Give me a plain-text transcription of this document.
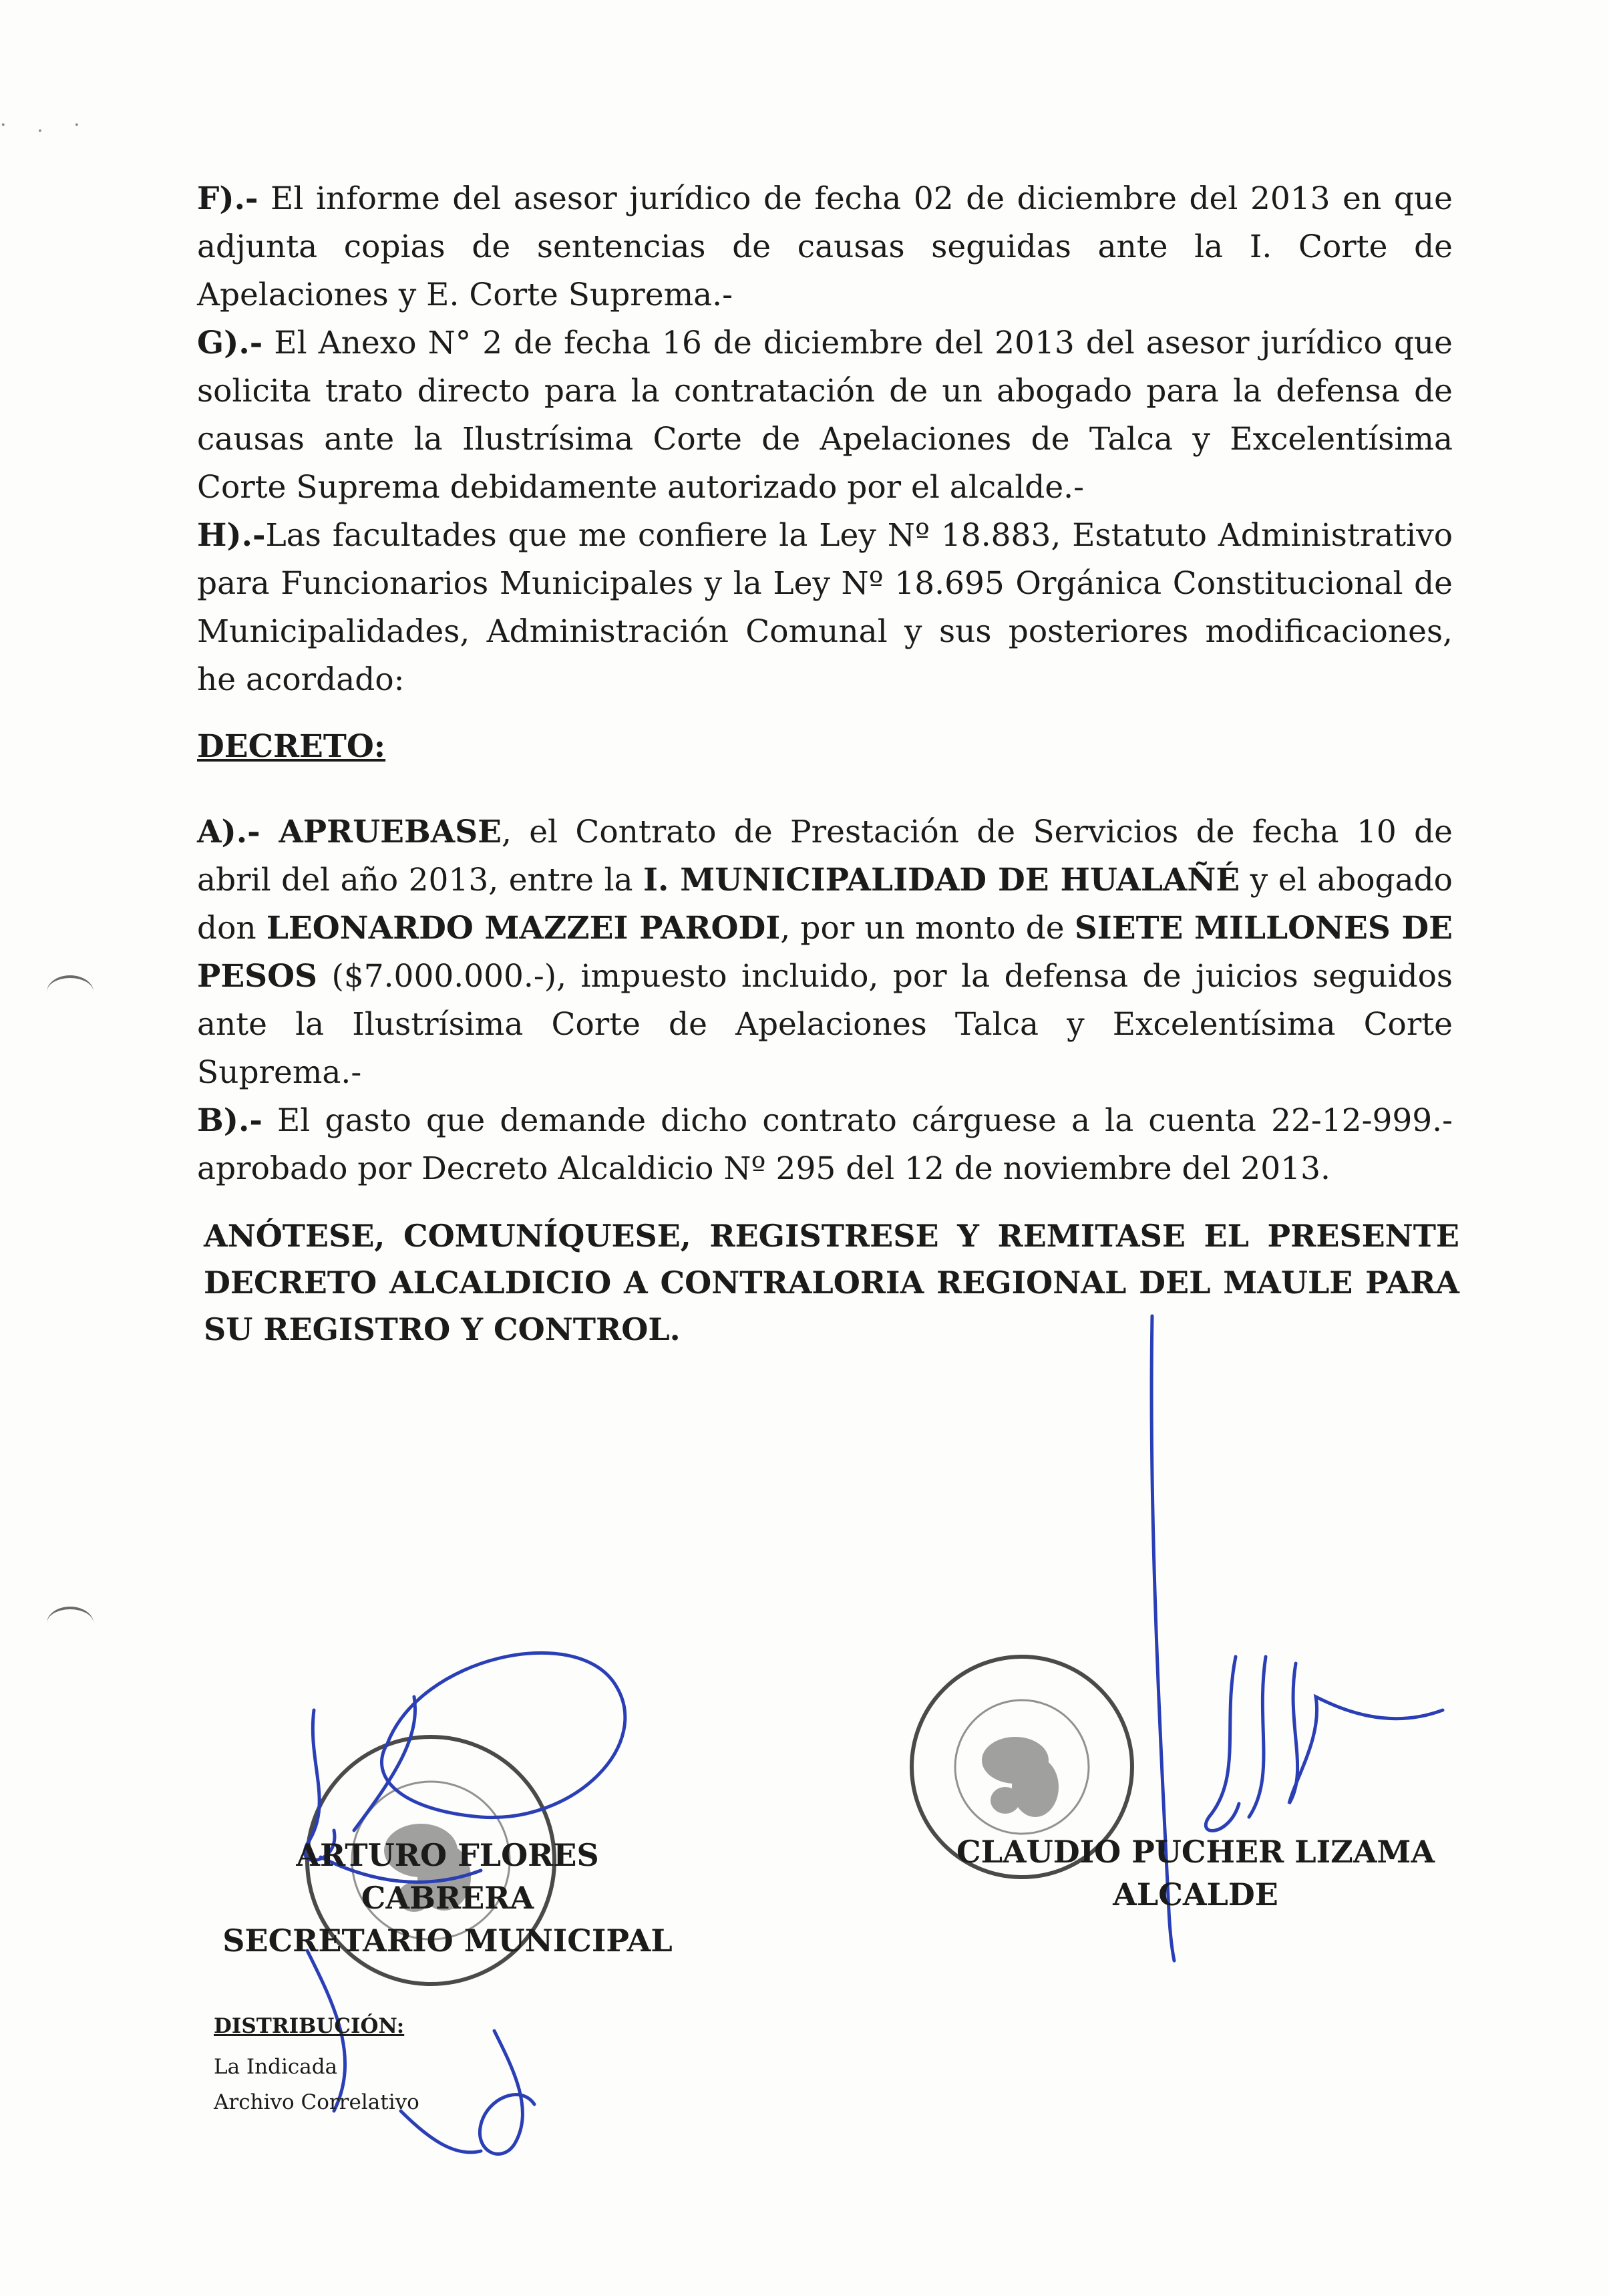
· . ·

F).- El informe del asesor jurídico de fecha 02 de diciembre del 2013 en que adjunta copias de sentencias de causas seguidas ante la I. Corte de Apelaciones y E. Corte Suprema.-

G).- El Anexo N° 2 de fecha 16 de diciembre del 2013 del asesor jurídico que solicita trato directo para la contratación de un abogado para la defensa de causas ante la Ilustrísima Corte de Apelaciones de Talca y Excelentísima Corte Suprema debidamente autorizado por el alcalde.-

H).-Las facultades que me confiere la Ley Nº 18.883, Estatuto Administrativo para Funcionarios Municipales y la Ley Nº 18.695 Orgánica Constitucional de Municipalidades, Administración Comunal y sus posteriores modificaciones, he acordado:

DECRETO:

A).- APRUEBASE, el Contrato de Prestación de Servicios de fecha 10 de abril del año 2013, entre la I. MUNICIPALIDAD DE HUALAÑÉ y el abogado don LEONARDO MAZZEI PARODI, por un monto de SIETE MILLONES DE PESOS ($7.000.000.-), impuesto incluido, por la defensa de juicios seguidos ante la Ilustrísima Corte de Apelaciones Talca y Excelentísima Corte Suprema.-

B).- El gasto que demande dicho contrato cárguese a la cuenta 22-12-999.- aprobado por Decreto Alcaldicio Nº 295 del 12 de noviembre del 2013.

ANÓTESE, COMUNÍQUESE, REGISTRESE Y REMITASE EL PRESENTE DECRETO ALCALDICIO A CONTRALORIA REGIONAL DEL MAULE PARA SU REGISTRO Y CONTROL.
ARTURO FLORES CABRERA
SECRETARIO MUNICIPAL
CLAUDIO PUCHER LIZAMA
ALCALDE
DISTRIBUCIÓN:
La Indicada
Archivo Correlativo
